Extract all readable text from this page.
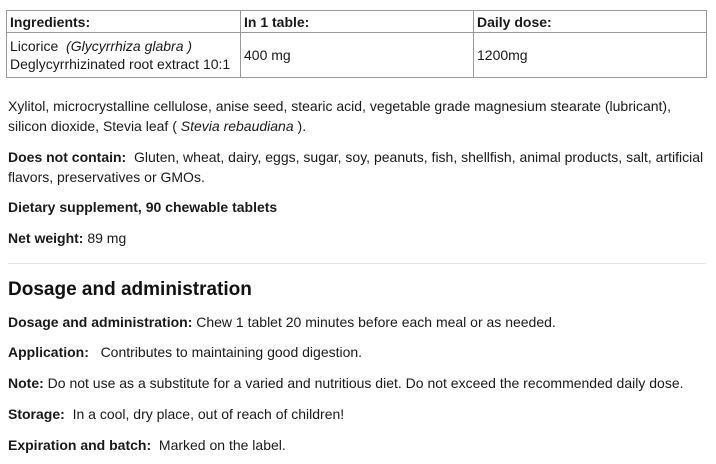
Ingredients:	In 1 table:	Daily dose:

Licorice (Glycyrrhiza glabra )
Deglycyrrhizinated root extract 10:1	400 mg	1200mg
Xylitol, microcrystalline cellulose, anise seed, stearic acid, vegetable grade magnesium stearate (lubricant), silicon dioxide, Stevia leaf ( Stevia rebaudiana ).
Does not contain: Gluten, wheat, dairy, eggs, sugar, soy, peanuts, fish, shellfish, animal products, salt, artificial flavors, preservatives or GMOs.
Dietary supplement, 90 chewable tablets
Net weight: 89 mg
Dosage and administration
Dosage and administration: Chew 1 tablet 20 minutes before each meal or as needed.
Application: Contributes to maintaining good digestion.
Note: Do not use as a substitute for a varied and nutritious diet. Do not exceed the recommended daily dose.
Storage: In a cool, dry place, out of reach of children!
Expiration and batch: Marked on the label.
